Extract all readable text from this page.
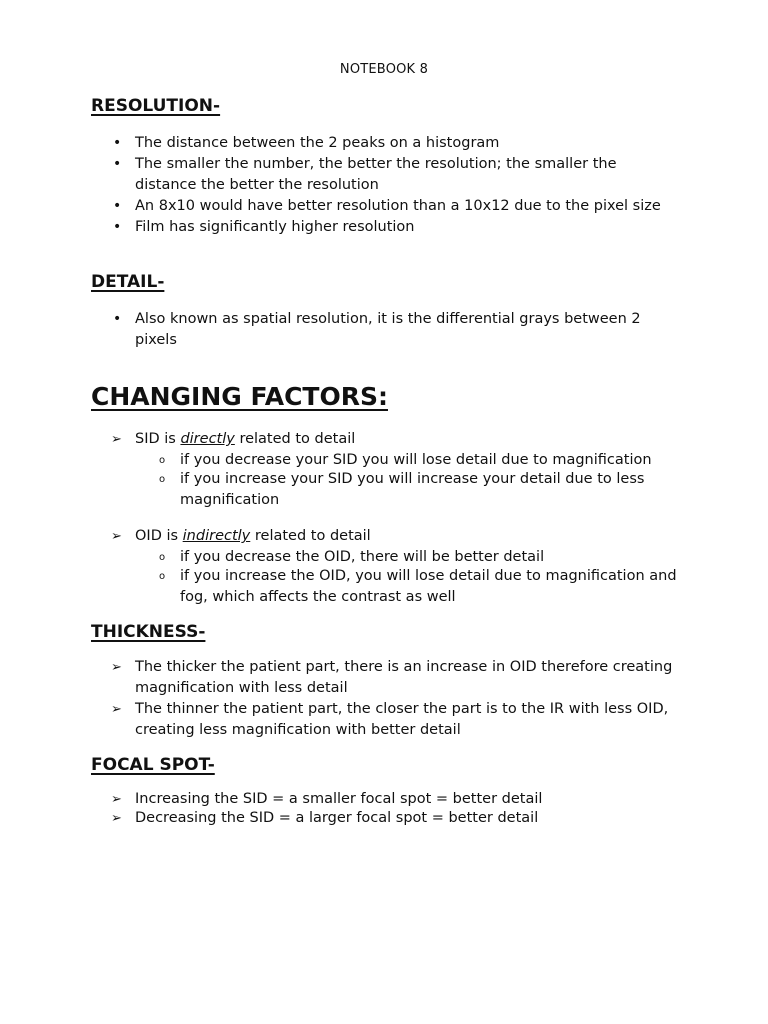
NOTEBOOK 8
RESOLUTION-
• The distance between the 2 peaks on a histogram
• The smaller the number, the better the resolution; the smaller the distance the better the resolution
• An 8x10 would have better resolution than a 10x12 due to the pixel size
• Film has significantly higher resolution
DETAIL-
• Also known as spatial resolution, it is the differential grays between 2 pixels
CHANGING FACTORS:
➢ SID is directly related to detail
o if you decrease your SID you will lose detail due to magnification
o if you increase your SID you will increase your detail due to less magnification
➢ OID is indirectly related to detail
o if you decrease the OID, there will be better detail
o if you increase the OID, you will lose detail due to magnification and fog, which affects the contrast as well
THICKNESS-
➢ The thicker the patient part, there is an increase in OID therefore creating magnification with less detail
➢ The thinner the patient part, the closer the part is to the IR with less OID, creating less magnification with better detail
FOCAL SPOT-
➢ Increasing the SID = a smaller focal spot = better detail
➢ Decreasing the SID = a larger focal spot = better detail
